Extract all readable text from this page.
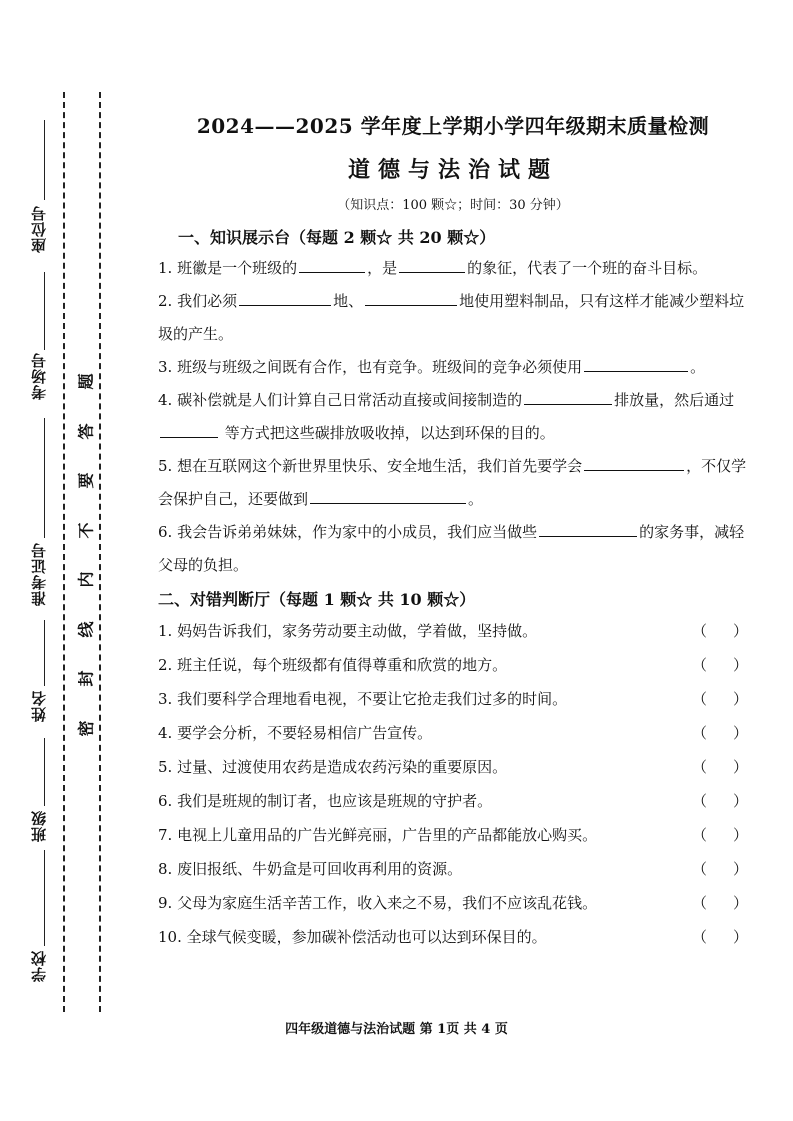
座位号
考场号
准考证号
姓名
班级
学校
题
答
要
不
内
线
封
密
2024——2025 学年度上学期小学四年级期末质量检测
道德与法治试题
（知识点：100 颗☆；时间：30 分钟）
一、知识展示台（每题 2 颗☆ 共 20 颗☆）

1. 班徽是一个班级的	，是	的象征，代表了一个班的奋斗目标。

2. 我们必须	地、	地使用塑料制品，只有这样才能减少塑料垃圾的产生。

3. 班级与班级之间既有合作，也有竞争。班级间的竞争必须使用	。

4. 碳补偿就是人们计算自己日常活动直接或间接制造的	排放量，然后通过 等方式把这些碳排放吸收掉，以达到环保的目的。

5. 想在互联网这个新世界里快乐、安全地生活，我们首先要学会	，不仅学会保护自己，还要做到	。

6. 我会告诉弟弟妹妹，作为家中的小成员，我们应当做些	的家务事，减轻父母的负担。

二、对错判断厅（每题 1 颗☆ 共 10 颗☆）
1. 妈妈告诉我们，家务劳动要主动做，学着做，坚持做。	（ ）
2. 班主任说，每个班级都有值得尊重和欣赏的地方。	（ ）
3. 我们要科学合理地看电视，不要让它抢走我们过多的时间。	（ ）
4. 要学会分析，不要轻易相信广告宣传。	（ ）
5. 过量、过渡使用农药是造成农药污染的重要原因。	（ ）
6. 我们是班规的制订者，也应该是班规的守护者。	（ ）
7. 电视上儿童用品的广告光鲜亮丽，广告里的产品都能放心购买。	（ ）
8. 废旧报纸、牛奶盒是可回收再利用的资源。	（ ）
9. 父母为家庭生活辛苦工作，收入来之不易，我们不应该乱花钱。	（ ）
10. 全球气候变暖，参加碳补偿活动也可以达到环保目的。	（ ）
四年级道德与法治试题 第 1页 共 4 页
